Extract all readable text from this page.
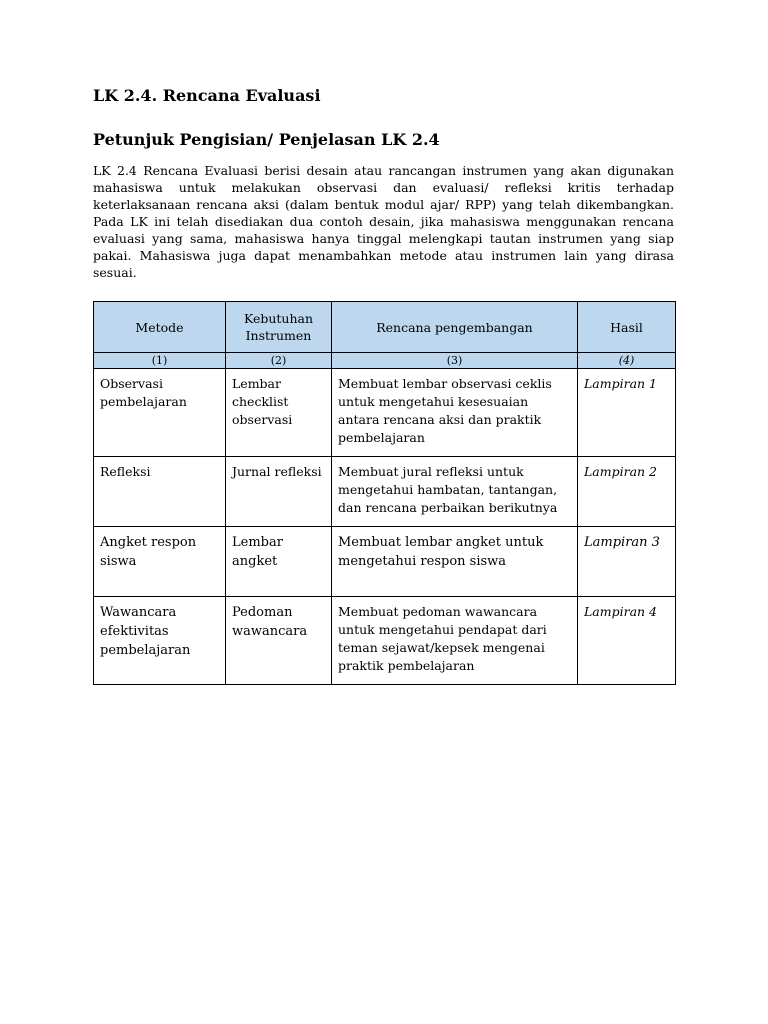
LK 2.4. Rencana Evaluasi
Petunjuk Pengisian/ Penjelasan LK 2.4

LK 2.4 Rencana Evaluasi berisi desain atau rancangan instrumen yang akan digunakan mahasiswa untuk melakukan observasi dan evaluasi/ refleksi kritis terhadap keterlaksanaan rencana aksi (dalam bentuk modul ajar/ RPP) yang telah dikembangkan. Pada LK ini telah disediakan dua contoh desain, jika mahasiswa menggunakan rencana evaluasi yang sama, mahasiswa hanya tinggal melengkapi tautan instrumen yang siap pakai. Mahasiswa juga dapat menambahkan metode atau instrumen lain yang dirasa sesuai.

Metode	Kebutuhan Instrumen	Rencana pengembangan	Hasil
(1)	(2)	(3)	(4)
Observasi pembelajaran	Lembar checklist observasi	Membuat lembar observasi ceklis untuk mengetahui kesesuaian antara rencana aksi dan praktik pembelajaran	Lampiran 1
Refleksi	Jurnal refleksi	Membuat jural refleksi untuk mengetahui hambatan, tantangan, dan rencana perbaikan berikutnya	Lampiran 2
Angket respon siswa	Lembar angket	Membuat lembar angket untuk mengetahui respon siswa	Lampiran 3
Wawancara efektivitas pembelajaran	Pedoman wawancara	Membuat pedoman wawancara untuk mengetahui pendapat dari teman sejawat/kepsek mengenai praktik pembelajaran	Lampiran 4
